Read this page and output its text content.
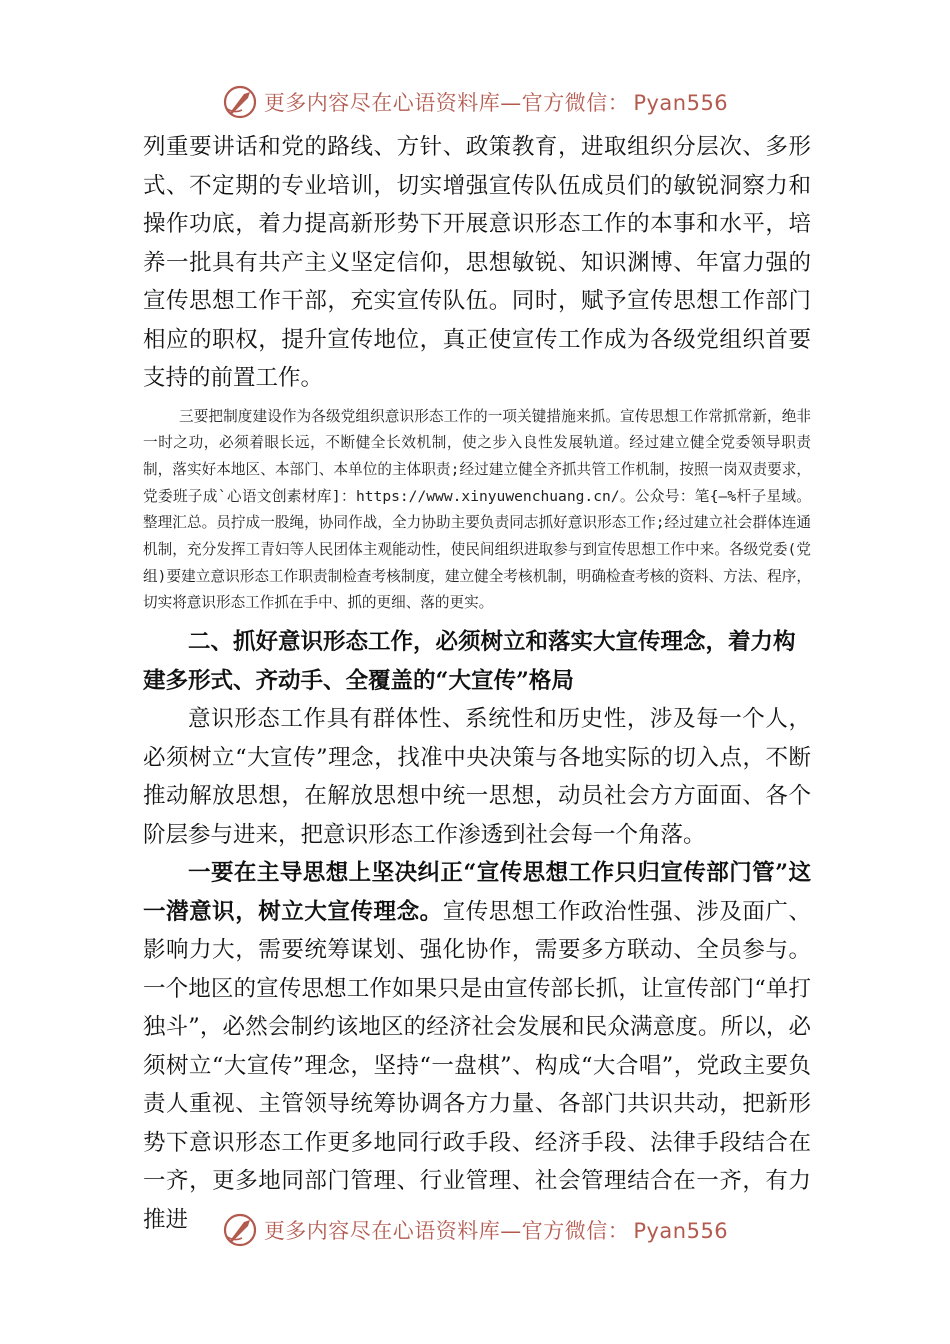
更多内容尽在心语资料库—官方微信： Pyan556

列重要讲话和党的路线、方针、政策教育，进取组织分层次、多形式、不定期的专业培训，切实增强宣传队伍成员们的敏锐洞察力和操作功底，着力提高新形势下开展意识形态工作的本事和水平，培养一批具有共产主义坚定信仰，思想敏锐、知识渊博、年富力强的宣传思想工作干部，充实宣传队伍。同时，赋予宣传思想工作部门相应的职权，提升宣传地位，真正使宣传工作成为各级党组织首要支持的前置工作。

三要把制度建设作为各级党组织意识形态工作的一项关键措施来抓。宣传思想工作常抓常新，绝非一时之功，必须着眼长远，不断健全长效机制，使之步入良性发展轨道。经过建立健全党委领导职责制，落实好本地区、本部门、本单位的主体职责;经过建立健全齐抓共管工作机制，按照一岗双责要求，党委班子成`心语文创素材库]：https://www.xinyuwenchuang.cn/。公众号：笔{—%杆子星域。整理汇总。员拧成一股绳，协同作战，全力协助主要负责同志抓好意识形态工作;经过建立社会群体连通机制，充分发挥工青妇等人民团体主观能动性，使民间组织进取参与到宣传思想工作中来。各级党委(党组)要建立意识形态工作职责制检查考核制度，建立健全考核机制，明确检查考核的资料、方法、程序，切实将意识形态工作抓在手中、抓的更细、落的更实。

二、抓好意识形态工作，必须树立和落实大宣传理念，着力构建多形式、齐动手、全覆盖的“大宣传”格局

意识形态工作具有群体性、系统性和历史性，涉及每一个人，必须树立“大宣传”理念，找准中央决策与各地实际的切入点，不断推动解放思想，在解放思想中统一思想，动员社会方方面面、各个阶层参与进来，把意识形态工作渗透到社会每一个角落。

一要在主导思想上坚决纠正“宣传思想工作只归宣传部门管”这一潜意识，树立大宣传理念。宣传思想工作政治性强、涉及面广、影响力大，需要统筹谋划、强化协作，需要多方联动、全员参与。一个地区的宣传思想工作如果只是由宣传部长抓，让宣传部门“单打独斗”，必然会制约该地区的经济社会发展和民众满意度。所以，必须树立“大宣传”理念，坚持“一盘棋”、构成“大合唱”，党政主要负责人重视、主管领导统筹协调各方力量、各部门共识共动，把新形势下意识形态工作更多地同行政手段、经济手段、法律手段结合在一齐，更多地同部门管理、行业管理、社会管理结合在一齐，有力推进	更多内容尽在心语资料库—官方微信： Pyan556
